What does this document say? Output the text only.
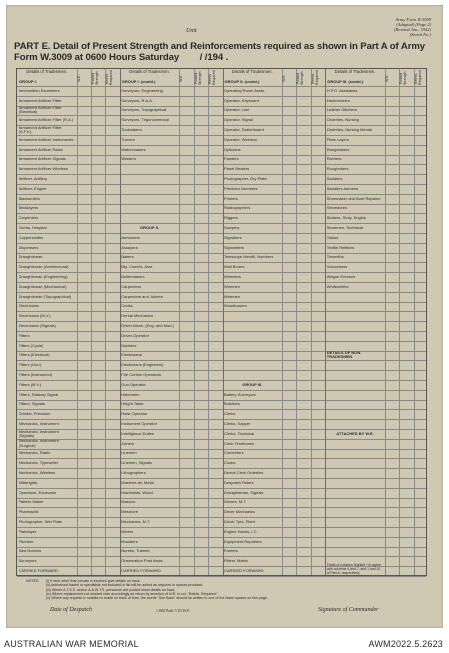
Unit
Army Form W.3009
(Adapted) (Page 2)
(Revised Jan., 1942)
(Serial No.)
PART E. Detail of Present Strength and Reinforcements required as shown in Part A of Army Form W.3009 at 0600 Hours Saturday / /194 .
Details of Tradesmen.
GROUP I.
W.E.	Posted Strength	Reinfs. Required
Ammunition Examiners
Armament Artificer Fitter
Armament Artificer Fitter (Electrical)
Armament Artificer Fitter (R.A.)
Armament Artificer Fitter (A.F.V.)
Armament Artificer Instruments
Armament Artificer Radio
Armament Artificer Signals
Armament Artificer Wireless
Artificer, Artillery
Artificer, Engine
Blacksmiths
Bricklayers
Carpenters
Clerks, Hospital
Coppersmiths
Dispensers
Draughtsman
Draughtsman (Architectural)
Draughtsman (Engineering)
Draughtsman (Mechanical)
Draughtsman (Topographical)
Electricians
Electricians (M.V.)
Electricians (Signals)
Fitters
Fitters (Cycle)
Fitters (Electrical)
Fitters (Gun)
Fitters (Instrument)
Fitters (M.V.)
Fitters, Railway Signal
Fitters, Signals
Grinder, Precision
Mechanics, Instrument
Mechanics, Instrument (Signals)
Mechanics, Instrument (Surgical)
Mechanics, Radio
Mechanics, Typewriter
Mechanics, Wireless
Millwrights
Operators, Excavator
Pattern Maker
Pharmacist
Photographer, Wet Plate
Platelayer
Plumber
Saw Doctors
Surveyors
CARRIED FORWARD
Details of Tradesmen.
GROUP I. (contd.)
W.E.	Posted Strength	Reinfs. Required
Surveyors, Engineering
Surveyors, R.A.A.
Surveyors, Topographical
Surveyors, Trigonometrical
Toolmakers
Turners
Watchmakers
Welders
GROUP II.
Armourers
Assayers
Bakers
Bty. Comd's. Asst.
Boilermakers
Carpenters
Carpenters and Joiners
Cooks
Dental Mechanics
Driver-Mech. (Eng. and Mod.)
Driver-Operator
Dubbers
Electricians
Electricians (Engineers)
Fire Control Operators
Gun Operator
Hatchmen
Height Taker
Hoist Operator
Instrument Operator
Intelligence Duties
Joiners
Linemen
Linemen, Signals
Lithographers
Machine-ist, Metal
Machinists, Wood
Masons
Mesmore
Mechanics, M.T.
Miners
Moulders
Nurses, Trained
Observation Post Assts.
CARRIED FORWARD
Details of Tradesmen.
GROUP II. (contd.)
W.E.	Posted Strength	Reinfs. Required
Operating Room Assts.
Operator, Keyboard
Operator, Line
Operator, Signal
Operator, Switchboard
Operator, Wireless
Opticians
Painters
Panel Beaters
Photographer, Dry Plate
Predictor Numbers
Printers
Radiographers
Riggers
Sawyers
Signallers
Signwriters
Telescope Identifi. Numbers
Wall Borers
Wheelers
Wiremen
Wiremen
Woodturners
GROUP III.
Battery Surveyors
Butchers
Clerks
Clerks, Sapper
Clerks, Technical
Clerk Timeboxes
Concreters
Cooks
Dental Clerk Orderlies
Despatch Riders
Draughtsman, Signals
Drivers, M.T.
Driver Mechanics
Driver Tpts, Plant
Engine Hands, I.C.
Equipment Repairers
Farriers
Fitters' Mates
CARRIED FORWARD
Details of Tradesmen.
GROUP III. (contd.)
W.E.	Posted Strength	Reinfs. Required
H.P.O. Assistants
Hammermen
Leather Stitchers
Orderlies, Nursing
Orderlies, Nursing Mental
Plate Layers
Rangetakers
Riveters
Roughriders
Saddlers
Saddlers-harness
Shoemaker and Boot Repairer
Stevedores
Stokers, Stoty. Engine
Storemen, Technical
Tailors
Textile Refitters
Tinsmiths
Vulcanisers
Wagon Erectors
Whitesmiths
DETAILS OF NON-TRADESMEN.
ATTACHED BY W.E.
Totals of columns Marked * to agree with columns 4 and 7, and 1 and 10 of Part A, respectively
NOTES. (i) If rank other than private is involved give details on back.
(ii) Authorised trades or specialists not included in list will be added as required in spaces provided.
(iii) Where A.T.S.S. and/or A.A.W.T.S. personnel are posted show details on back.
(iv) Where replacement not desired note accordingly on return by insertion of N.R. in col. "Reinfs. Required."
(v) Where any request or notation is made on back of form, the words "See Back" should be written in one of the blank spaces on this page.
Date of Despatch	1,000 Pads 7/43 W.F.	Signature of Commander
AUSTRALIAN WAR MEMORIAL	AWM2022.5.2623
